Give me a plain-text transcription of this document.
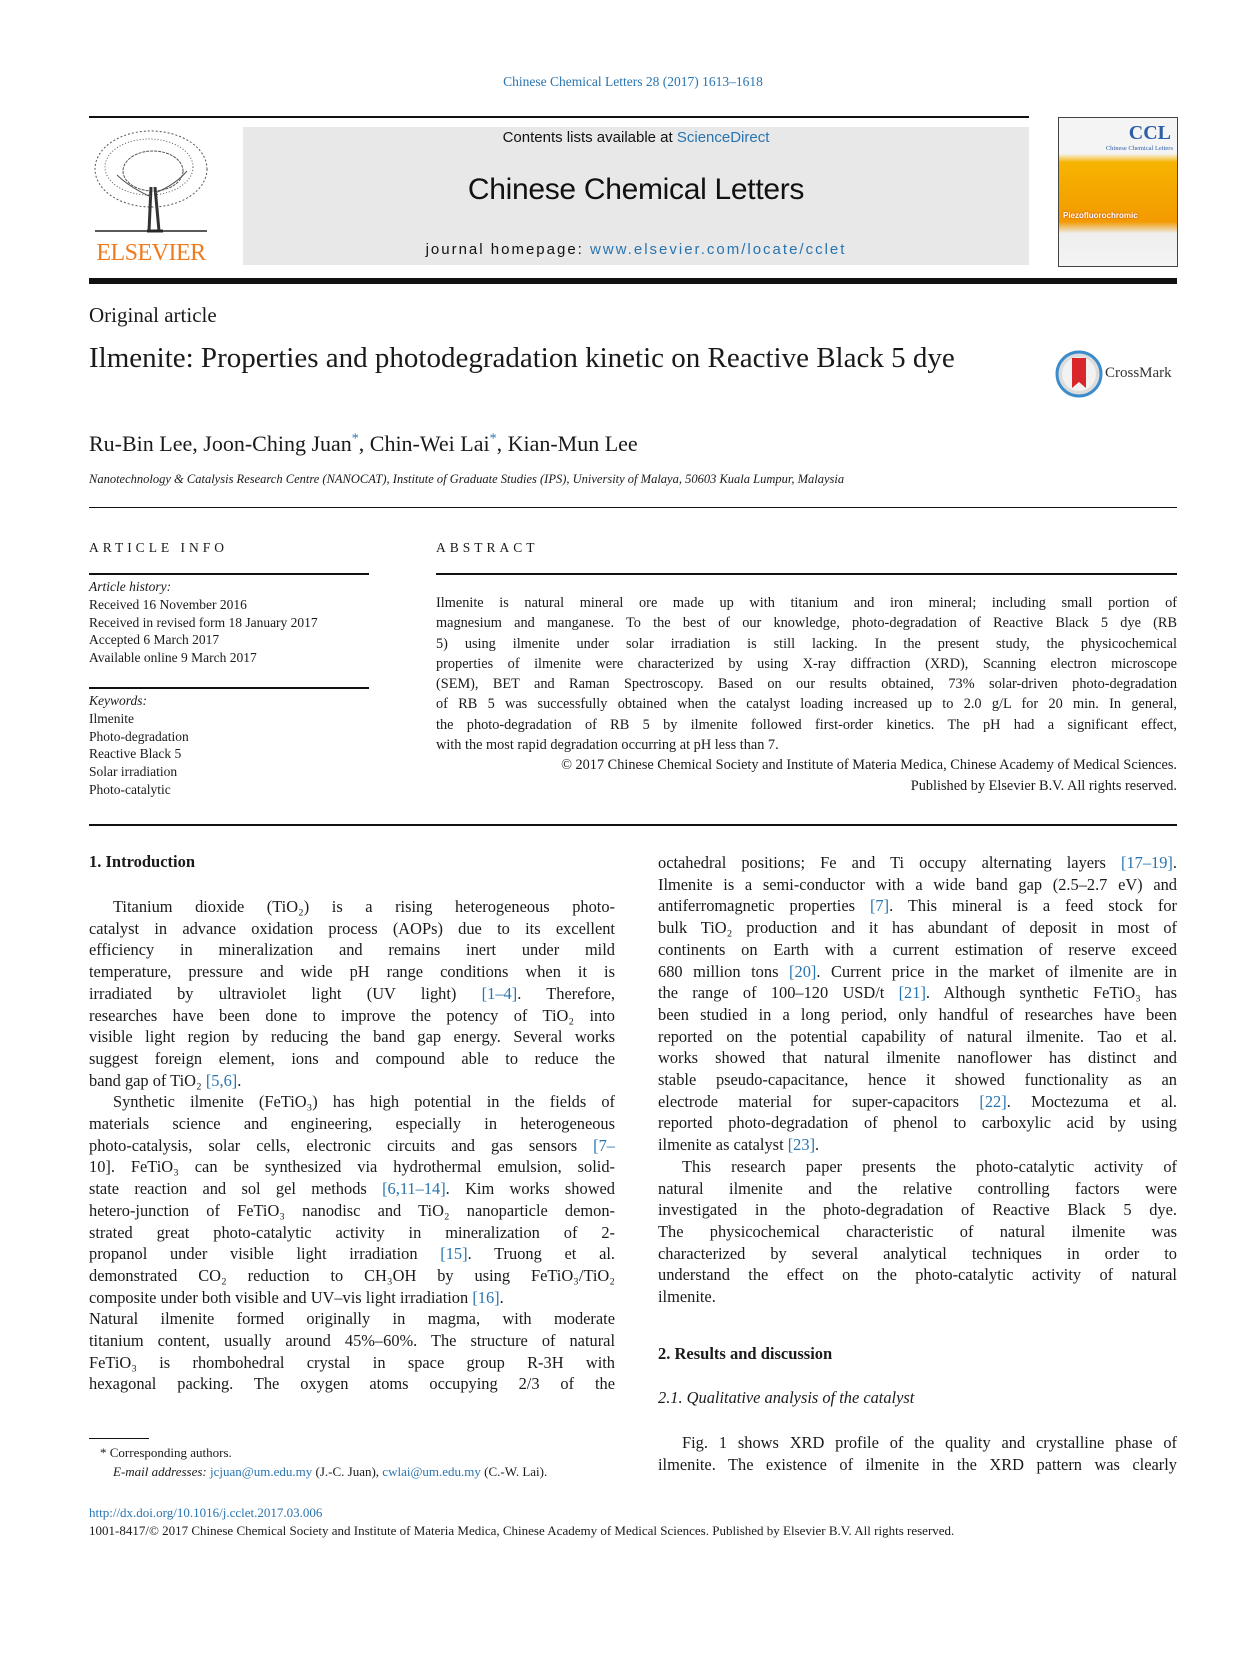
Chinese Chemical Letters 28 (2017) 1613–1618
ELSEVIER
Contents lists available at ScienceDirect
Chinese Chemical Letters
journal homepage: www.elsevier.com/locate/cclet
CCL
Chinese Chemical Letters
Piezofluorochromic
Original article
Ilmenite: Properties and photodegradation kinetic on Reactive Black 5 dye	CrossMark
Ru-Bin Lee, Joon-Ching Juan*, Chin-Wei Lai*, Kian-Mun Lee
Nanotechnology & Catalysis Research Centre (NANOCAT), Institute of Graduate Studies (IPS), University of Malaya, 50603 Kuala Lumpur, Malaysia
ARTICLE INFO	ABSTRACT
Article history:
Received 16 November 2016
Received in revised form 18 January 2017
Accepted 6 March 2017
Available online 9 March 2017
Keywords:
Ilmenite
Photo-degradation
Reactive Black 5
Solar irradiation
Photo-catalytic
Ilmenite is natural mineral ore made up with titanium and iron mineral; including small portion of
magnesium and manganese. To the best of our knowledge, photo-degradation of Reactive Black 5 dye (RB
5) using ilmenite under solar irradiation is still lacking. In the present study, the physicochemical
properties of ilmenite were characterized by using X-ray diffraction (XRD), Scanning electron microscope
(SEM), BET and Raman Spectroscopy. Based on our results obtained, 73% solar-driven photo-degradation
of RB 5 was successfully obtained when the catalyst loading increased up to 2.0 g/L for 20 min. In general,
the photo-degradation of RB 5 by ilmenite followed first-order kinetics. The pH had a significant effect,
with the most rapid degradation occurring at pH less than 7.
© 2017 Chinese Chemical Society and Institute of Materia Medica, Chinese Academy of Medical Sciences.
Published by Elsevier B.V. All rights reserved.
1. Introduction
Titanium dioxide (TiO₂) is a rising heterogeneous photo-
catalyst in advance oxidation process (AOPs) due to its excellent
efficiency in mineralization and remains inert under mild
temperature, pressure and wide pH range conditions when it is
irradiated by ultraviolet light (UV light) [1–4]. Therefore,
researches have been done to improve the potency of TiO₂ into
visible light region by reducing the band gap energy. Several works
suggest foreign element, ions and compound able to reduce the
band gap of TiO₂ [5,6].
Synthetic ilmenite (FeTiO₃) has high potential in the fields of
materials science and engineering, especially in heterogeneous
photo-catalysis, solar cells, electronic circuits and gas sensors [7–
10]. FeTiO₃ can be synthesized via hydrothermal emulsion, solid-
state reaction and sol gel methods [6,11–14]. Kim works showed
hetero-junction of FeTiO₃ nanodisc and TiO₂ nanoparticle demon-
strated great photo-catalytic activity in mineralization of 2-
propanol under visible light irradiation [15]. Truong et al.
demonstrated CO₂ reduction to CH₃OH by using FeTiO₃/TiO₂
composite under both visible and UV–vis light irradiation [16].
Natural ilmenite formed originally in magma, with moderate
titanium content, usually around 45%–60%. The structure of natural
FeTiO₃ is rhombohedral crystal in space group R-3H with
hexagonal packing. The oxygen atoms occupying 2/3 of the
octahedral positions; Fe and Ti occupy alternating layers [17–19].
Ilmenite is a semi-conductor with a wide band gap (2.5–2.7 eV) and
antiferromagnetic properties [7]. This mineral is a feed stock for
bulk TiO₂ production and it has abundant of deposit in most of
continents on Earth with a current estimation of reserve exceed
680 million tons [20]. Current price in the market of ilmenite are in
the range of 100–120 USD/t [21]. Although synthetic FeTiO₃ has
been studied in a long period, only handful of researches have been
reported on the potential capability of natural ilmenite. Tao et al.
works showed that natural ilmenite nanoflower has distinct and
stable pseudo-capacitance, hence it showed functionality as an
electrode material for super-capacitors [22]. Moctezuma et al.
reported photo-degradation of phenol to carboxylic acid by using
ilmenite as catalyst [23].
This research paper presents the photo-catalytic activity of
natural ilmenite and the relative controlling factors were
investigated in the photo-degradation of Reactive Black 5 dye.
The physicochemical characteristic of natural ilmenite was
characterized by several analytical techniques in order to
understand the effect on the photo-catalytic activity of natural
ilmenite.
2. Results and discussion
2.1. Qualitative analysis of the catalyst
Fig. 1 shows XRD profile of the quality and crystalline phase of
ilmenite. The existence of ilmenite in the XRD pattern was clearly
* Corresponding authors.
E-mail addresses: jcjuan@um.edu.my (J.-C. Juan), cwlai@um.edu.my (C.-W. Lai).
http://dx.doi.org/10.1016/j.cclet.2017.03.006
1001-8417/© 2017 Chinese Chemical Society and Institute of Materia Medica, Chinese Academy of Medical Sciences. Published by Elsevier B.V. All rights reserved.
